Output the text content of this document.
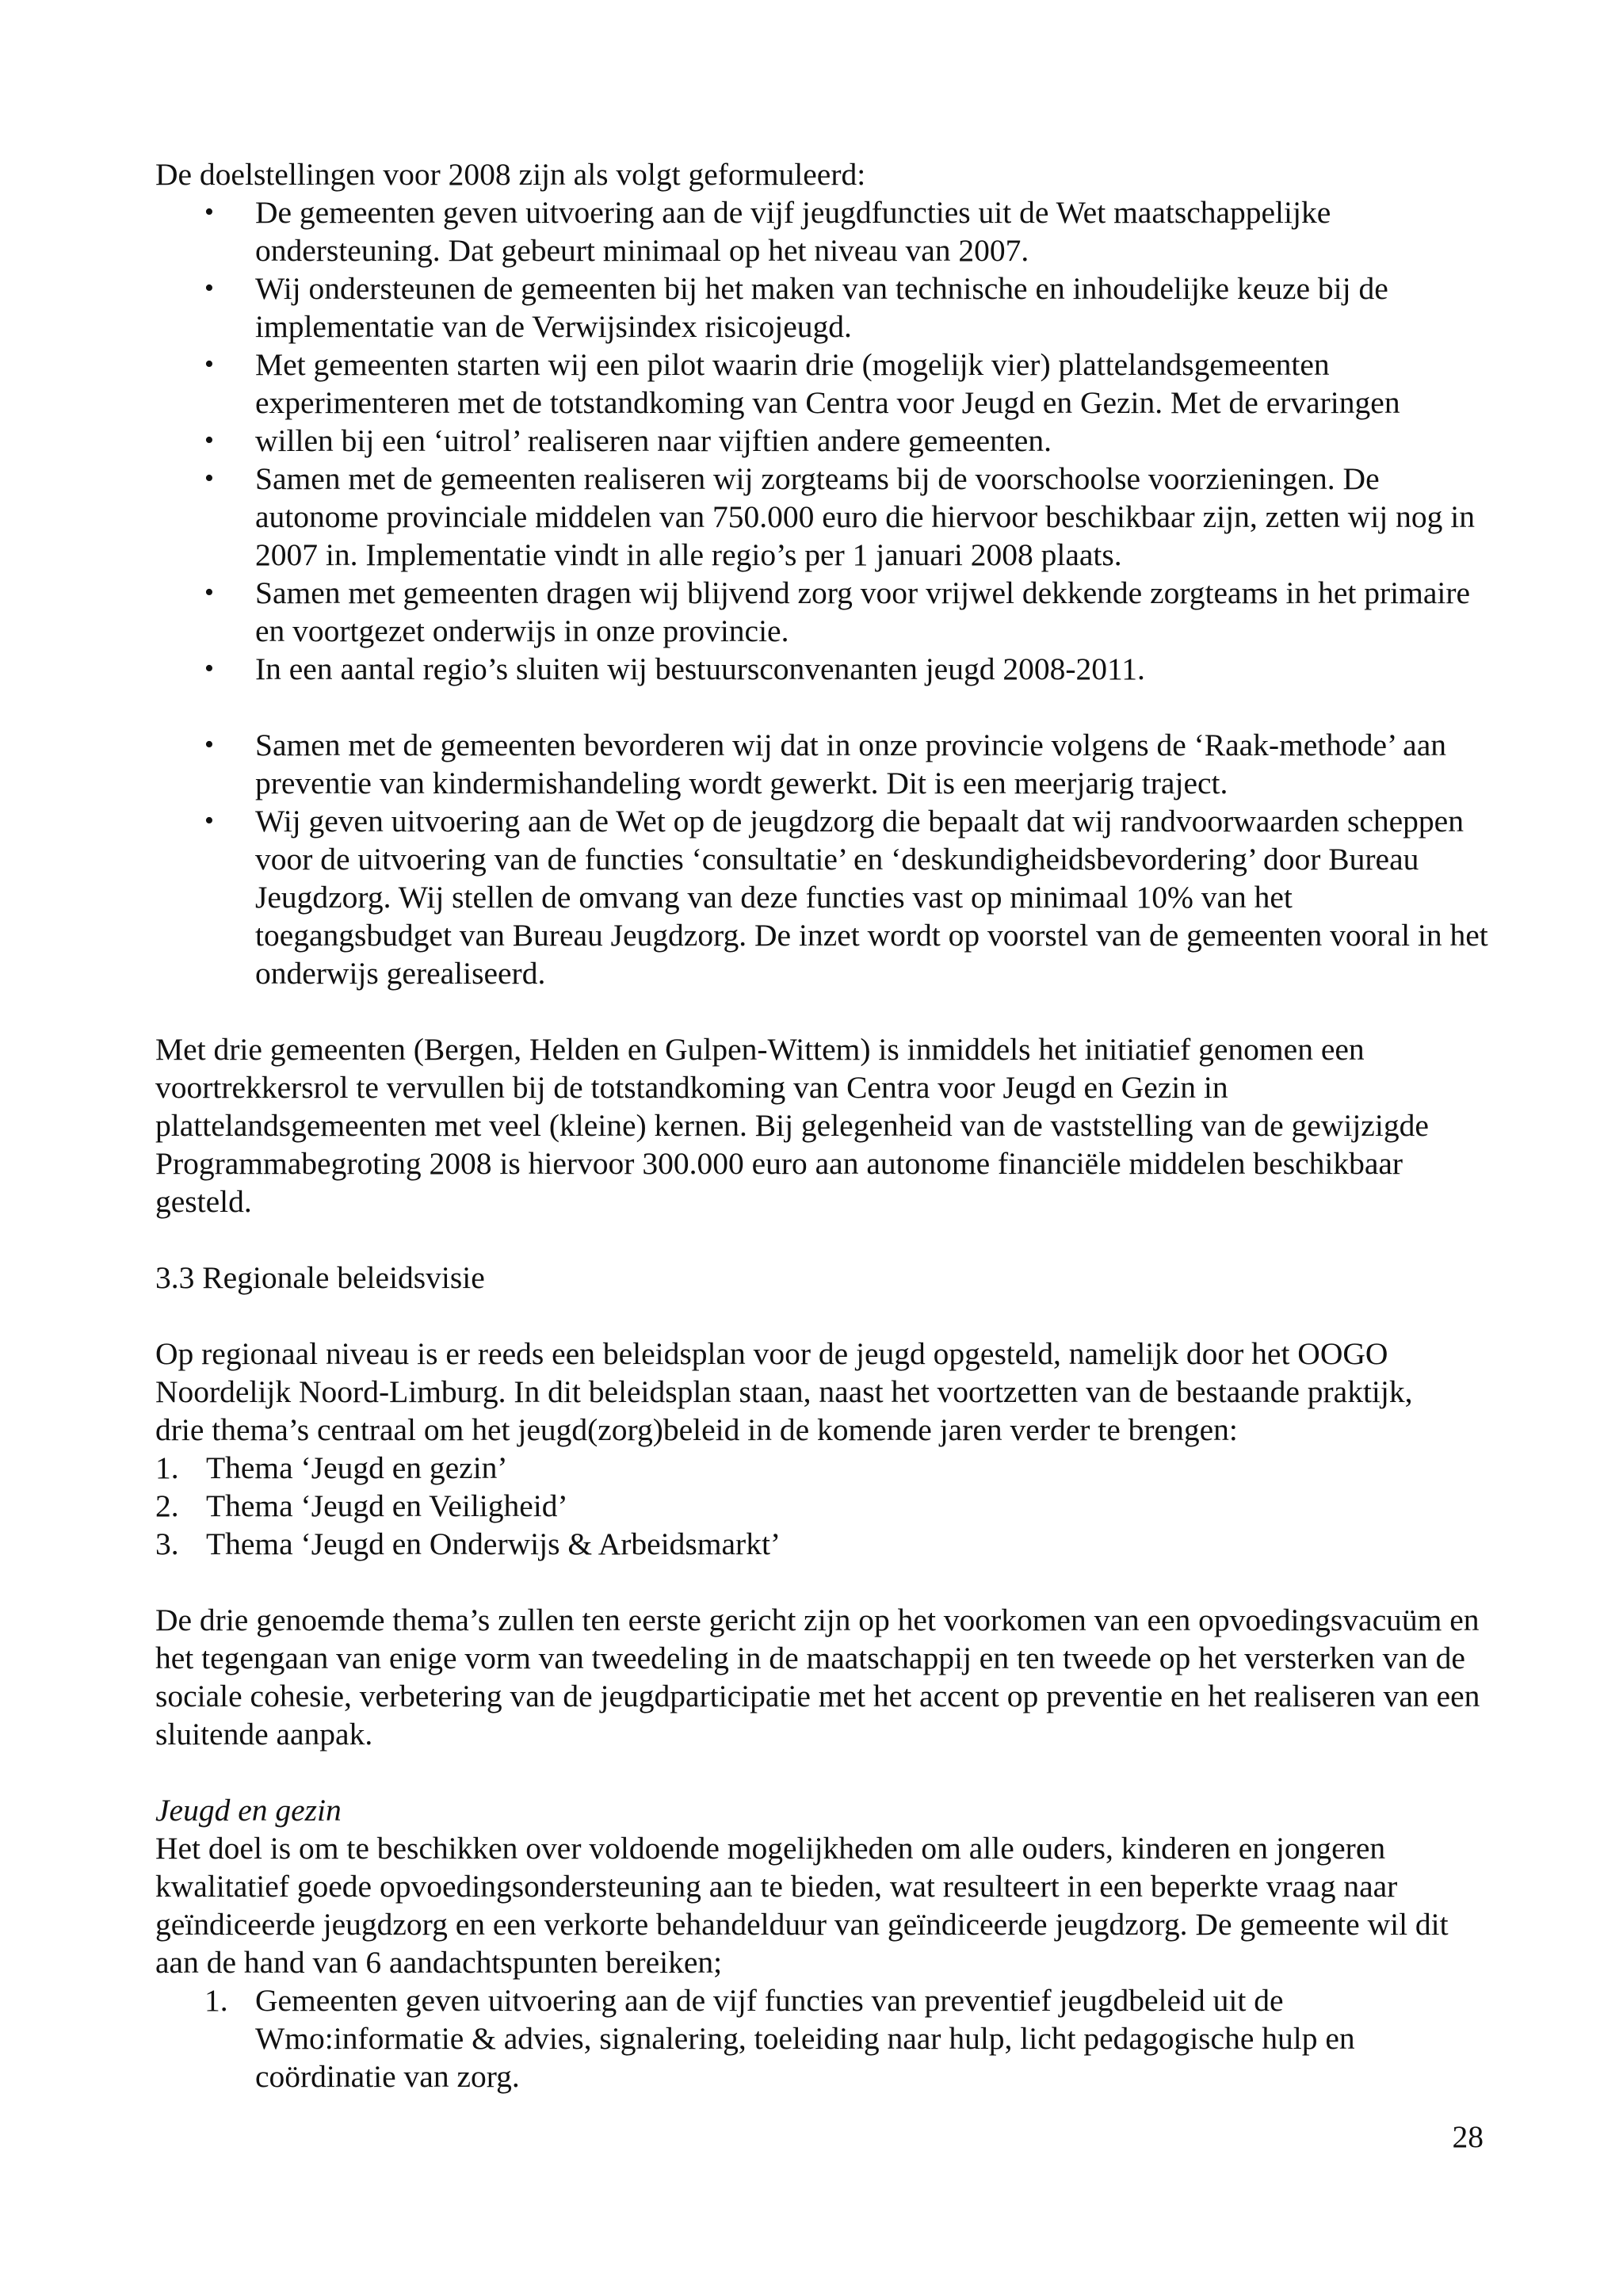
De doelstellingen voor 2008 zijn als volgt geformuleerd:

• De gemeenten geven uitvoering aan de vijf jeugdfuncties uit de Wet maatschappelijke ondersteuning. Dat gebeurt minimaal op het niveau van 2007.
• Wij ondersteunen de gemeenten bij het maken van technische en inhoudelijke keuze bij de implementatie van de Verwijsindex risicojeugd.
• Met gemeenten starten wij een pilot waarin drie (mogelijk vier) plattelandsgemeenten experimenteren met de totstandkoming van Centra voor Jeugd en Gezin. Met de ervaringen
• willen bij een ‘uitrol’ realiseren naar vijftien andere gemeenten.
• Samen met de gemeenten realiseren wij zorgteams bij de voorschoolse voorzieningen. De autonome provinciale middelen van 750.000 euro die hiervoor beschikbaar zijn, zetten wij nog in 2007 in. Implementatie vindt in alle regio’s per 1 januari 2008 plaats.
• Samen met gemeenten dragen wij blijvend zorg voor vrijwel dekkende zorgteams in het primaire en voortgezet onderwijs in onze provincie.
• In een aantal regio’s sluiten wij bestuursconvenanten jeugd 2008-2011.
• Samen met de gemeenten bevorderen wij dat in onze provincie volgens de ‘Raak-methode’ aan preventie van kindermishandeling wordt gewerkt. Dit is een meerjarig traject.
• Wij geven uitvoering aan de Wet op de jeugdzorg die bepaalt dat wij randvoorwaarden scheppen voor de uitvoering van de functies ‘consultatie’ en ‘deskundigheidsbevordering’ door Bureau Jeugdzorg. Wij stellen de omvang van deze functies vast op minimaal 10% van het toegangsbudget van Bureau Jeugdzorg. De inzet wordt op voorstel van de gemeenten vooral in het onderwijs gerealiseerd.

Met drie gemeenten (Bergen, Helden en Gulpen-Wittem) is inmiddels het initiatief genomen een voortrekkersrol te vervullen bij de totstandkoming van Centra voor Jeugd en Gezin in plattelandsgemeenten met veel (kleine) kernen. Bij gelegenheid van de vaststelling van de gewijzigde Programmabegroting 2008 is hiervoor 300.000 euro aan autonome financiële middelen beschikbaar gesteld.

3.3 Regionale beleidsvisie

Op regionaal niveau is er reeds een beleidsplan voor de jeugd opgesteld, namelijk door het OOGO Noordelijk Noord-Limburg. In dit beleidsplan staan, naast het voortzetten van de bestaande praktijk,

drie thema’s centraal om het jeugd(zorg)beleid in de komende jaren verder te brengen:

1. Thema ‘Jeugd en gezin’
2. Thema ‘Jeugd en Veiligheid’
3. Thema ‘Jeugd en Onderwijs & Arbeidsmarkt’

De drie genoemde thema’s zullen ten eerste gericht zijn op het voorkomen van een opvoedingsvacuüm en het tegengaan van enige vorm van tweedeling in de maatschappij en ten tweede op het versterken van de sociale cohesie, verbetering van de jeugdparticipatie met het accent op preventie en het realiseren van een sluitende aanpak.

Jeugd en gezin

Het doel is om te beschikken over voldoende mogelijkheden om alle ouders, kinderen en jongeren kwalitatief goede opvoedingsondersteuning aan te bieden, wat resulteert in een beperkte vraag naar geïndiceerde jeugdzorg en een verkorte behandelduur van geïndiceerde jeugdzorg. De gemeente wil dit aan de hand van 6 aandachtspunten bereiken;

1. Gemeenten geven uitvoering aan de vijf functies van preventief jeugdbeleid uit de Wmo:informatie & advies, signalering, toeleiding naar hulp, licht pedagogische hulp en coördinatie van zorg.
28
